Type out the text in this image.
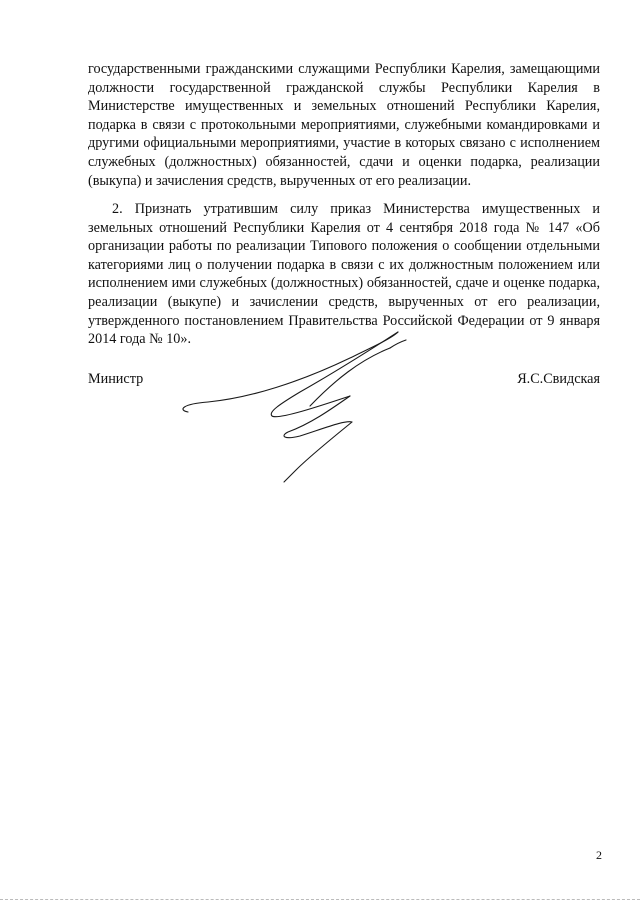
государственными гражданскими служащими Республики Карелия, замещающими должности государственной гражданской службы Республики Карелия в Министерстве имущественных и земельных отношений Республики Карелия, подарка в связи с протокольными мероприятиями, служебными командировками и другими официальными мероприятиями, участие в которых связано с исполнением служебных (должностных) обязанностей, сдачи и оценки подарка, реализации (выкупа) и зачисления средств, вырученных от его реализации.

2. Признать утратившим силу приказ Министерства имущественных и земельных отношений Республики Карелия от 4 сентября 2018 года № 147 «Об организации работы по реализации Типового положения о сообщении отдельными категориями лиц о получении подарка в связи с их должностным положением или исполнением ими служебных (должностных) обязанностей, сдаче и оценке подарка, реализации (выкупе) и зачислении средств, вырученных от его реализации, утвержденного постановлением Правительства Российской Федерации от 9 января 2014 года № 10».

Министр	Я.С.Свидская
2
